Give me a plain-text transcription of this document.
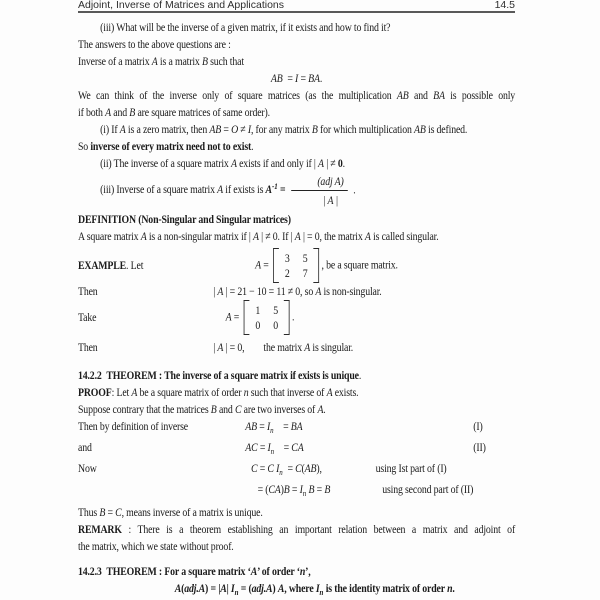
Adjoint, Inverse of Matrices and Applications	14.5

(iii) What will be the inverse of a given matrix, if it exists and how to find it?

The answers to the above questions are :

Inverse of a matrix A is a matrix B such that

AB = I = BA.

We can think of the inverse only of square matrices (as the multiplication AB and BA is possible only

if both A and B are square matrices of same order).

(i) If A is a zero matrix, then AB = O ≠ I, for any matrix B for which multiplication AB is defined.

So inverse of every matrix need not to exist.

(ii) The inverse of a square matrix A exists if and only if | A | ≠ 0.

(iii) Inverse of a square matrix A if exists is $A^{-1} = \frac{\text{(adj A)}}{| A |}$ .

DEFINITION (Non-Singular and Singular matrices)

A square matrix A is a non-singular matrix if | A | ≠ 0. If | A | = 0, the matrix A is called singular.

EXAMPLE. Let	A = 3 5
2 7
, be a square matrix.
Then	| A | = 21 − 10 = 11 ≠ 0, so A is non-singular.
Take	A = 1 5
0 0
.
Then	| A | = 0,    the matrix A is singular.

14.2.2 THEOREM : The inverse of a square matrix if exists is unique.

PROOF: Let A be a square matrix of order n such that inverse of A exists.

Suppose contrary that the matrices B and C are two inverses of A.

Then by definition of inverse	AB = $I_n$  = BA	(I)
and	AC = $I_n$  = CA	(II)
Now	C = C $I_n$ = C(AB),	using Ist part of (I)
= $(CA)B = I_n$ B = B	using second part of (II)

Thus B = C, means inverse of a matrix is unique.

REMARK : There is a theorem establishing an important relation between a matrix and adjoint of

the matrix, which we state without proof.

14.2.3 THEOREM : For a square matrix ‘A’ of order ‘n’,

A(adj.A) = |A| $I_n = (adj.A)$ A, where $I_n$ is the identity matrix of order n.
